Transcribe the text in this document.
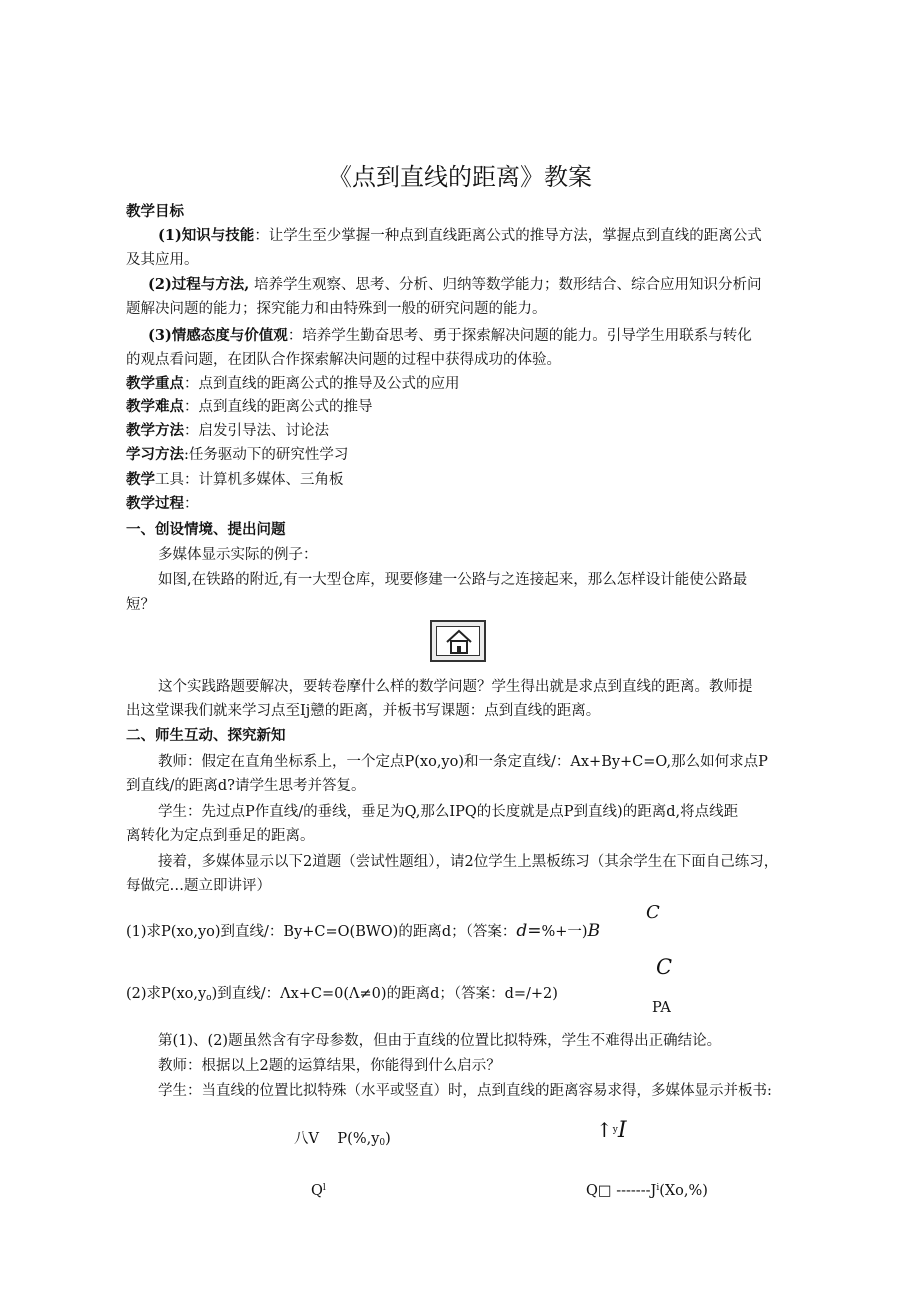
《点到直线的距离》教案
教学目标
(1)知识与技能：让学生至少掌握一种点到直线距离公式的推导方法，掌握点到直线的距离公式
及其应用。
(2)过程与方法, 培养学生观察、思考、分析、归纳等数学能力；数形结合、综合应用知识分析问
题解决问题的能力；探究能力和由特殊到一般的研究问题的能力。
(3)情感态度与价值观：培养学生勤奋思考、勇于探索解决问题的能力。引导学生用联系与转化
的观点看问题，在团队合作探索解决问题的过程中获得成功的体验。
教学重点：点到直线的距离公式的推导及公式的应用
教学难点：点到直线的距离公式的推导
教学方法：启发引导法、讨论法
学习方法:任务驱动下的研究性学习
教学工具：计算机多媒体、三角板
教学过程：
一、创设情境、提出问题
多媒体显示实际的例子：
如图,在铁路的附近,有一大型仓库，现要修建一公路与之连接起来，那么怎样设计能使公路最
短？
这个实践路题要解决，要转卷摩什么样的数学问题？学生得出就是求点到直线的距离。教师提
出这堂课我们就来学习点至Ij戆的距离，并板书写课题：点到直线的距离。
二、师生互动、探究新知
教师：假定在直角坐标系上，一个定点P(xo,yo)和一条定直线/：Ax+By+C=O,那么如何求点P
到直线/的距离d?请学生思考并答复。
学生：先过点P作直线/的垂线，垂足为Q,那么IPQ的长度就是点P到直线)的距离d,将点线距
离转化为定点到垂足的距离。
接着，多媒体显示以下2道题（尝试性题组），请2位学生上黑板练习（其余学生在下面自己练习，
每做完…题立即讲评）
C
(1)求P(xo,yo)到直线/：By+C=O(BWO)的距离d；（答案：d=%+一)B
C
(2)求$P(xo,y_o)$到直线/：Λx+C=0(Λ≠0)的距离d；（答案：d=/+2)
PA
第(1)、(2)题虽然含有字母参数，但由于直线的位置比拟特殊，学生不难得出正确结论。
教师：根据以上2题的运算结果，你能得到什么启示？
学生：当直线的位置比拟特殊（水平或竖直）时，点到直线的距离容易求得，多媒体显示并板书:
八V $P(\%,y_0)$	↑$^y$I
$Q^l$	Q□ $-------J^i(Xo,\%)$
